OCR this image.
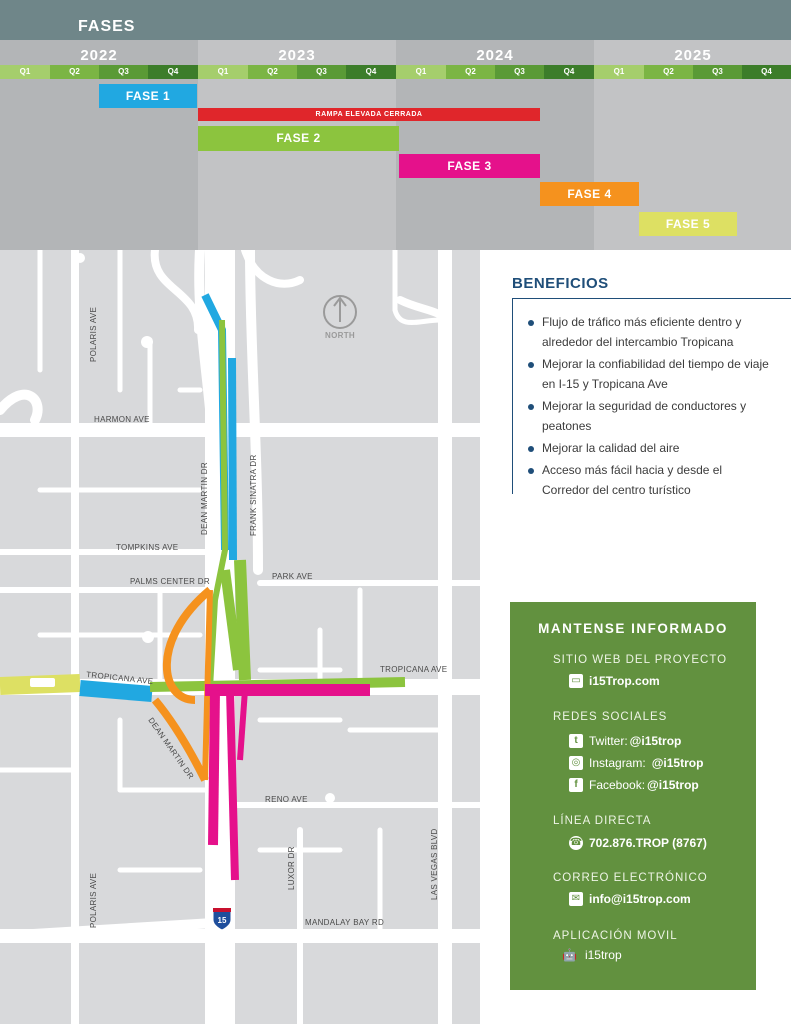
FASES
2022	2023	2024	2025
Q1	Q2	Q3	Q4	Q1	Q2	Q3	Q4	Q1	Q2	Q3	Q4	Q1	Q2	Q3	Q4
FASE 1
RAMPA ELEVADA CERRADA
FASE 2
FASE 3
FASE 4
FASE 5
NORTH
15
POLARIS AVE
HARMON AVE
DEAN MARTIN DR	FRANK SINATRA DR
TOMPKINS AVE
PALMS CENTER DR
PARK AVE
TROPICANA AVE
TROPICANA AVE
DEAN MARTIN DR
RENO AVE
LUXOR DR	LAS VEGAS BLVD
POLARIS AVE	MANDALAY BAY RD
BENEFICIOS
Flujo de tráfico más eficiente dentro y alrededor del intercambio Tropicana
Mejorar la confiabilidad del tiempo de viaje en I-15 y Tropicana Ave
Mejorar la seguridad de conductores y peatones
Mejorar la calidad del aire
Acceso más fácil hacia y desde el Corredor del centro turístico
MANTENSE INFORMADO
SITIO WEB DEL PROYECTO
▭ i15Trop.com
REDES SOCIALES
t Twitter: @i15trop
◎ Instagram: @i15trop
f Facebook: @i15trop
LÍNEA DIRECTA
☎ 702.876.TROP (8767)
CORREO ELECTRÓNICO
✉ info@i15trop.com
APLICACIÓN MOVIL
🤖 i15trop
